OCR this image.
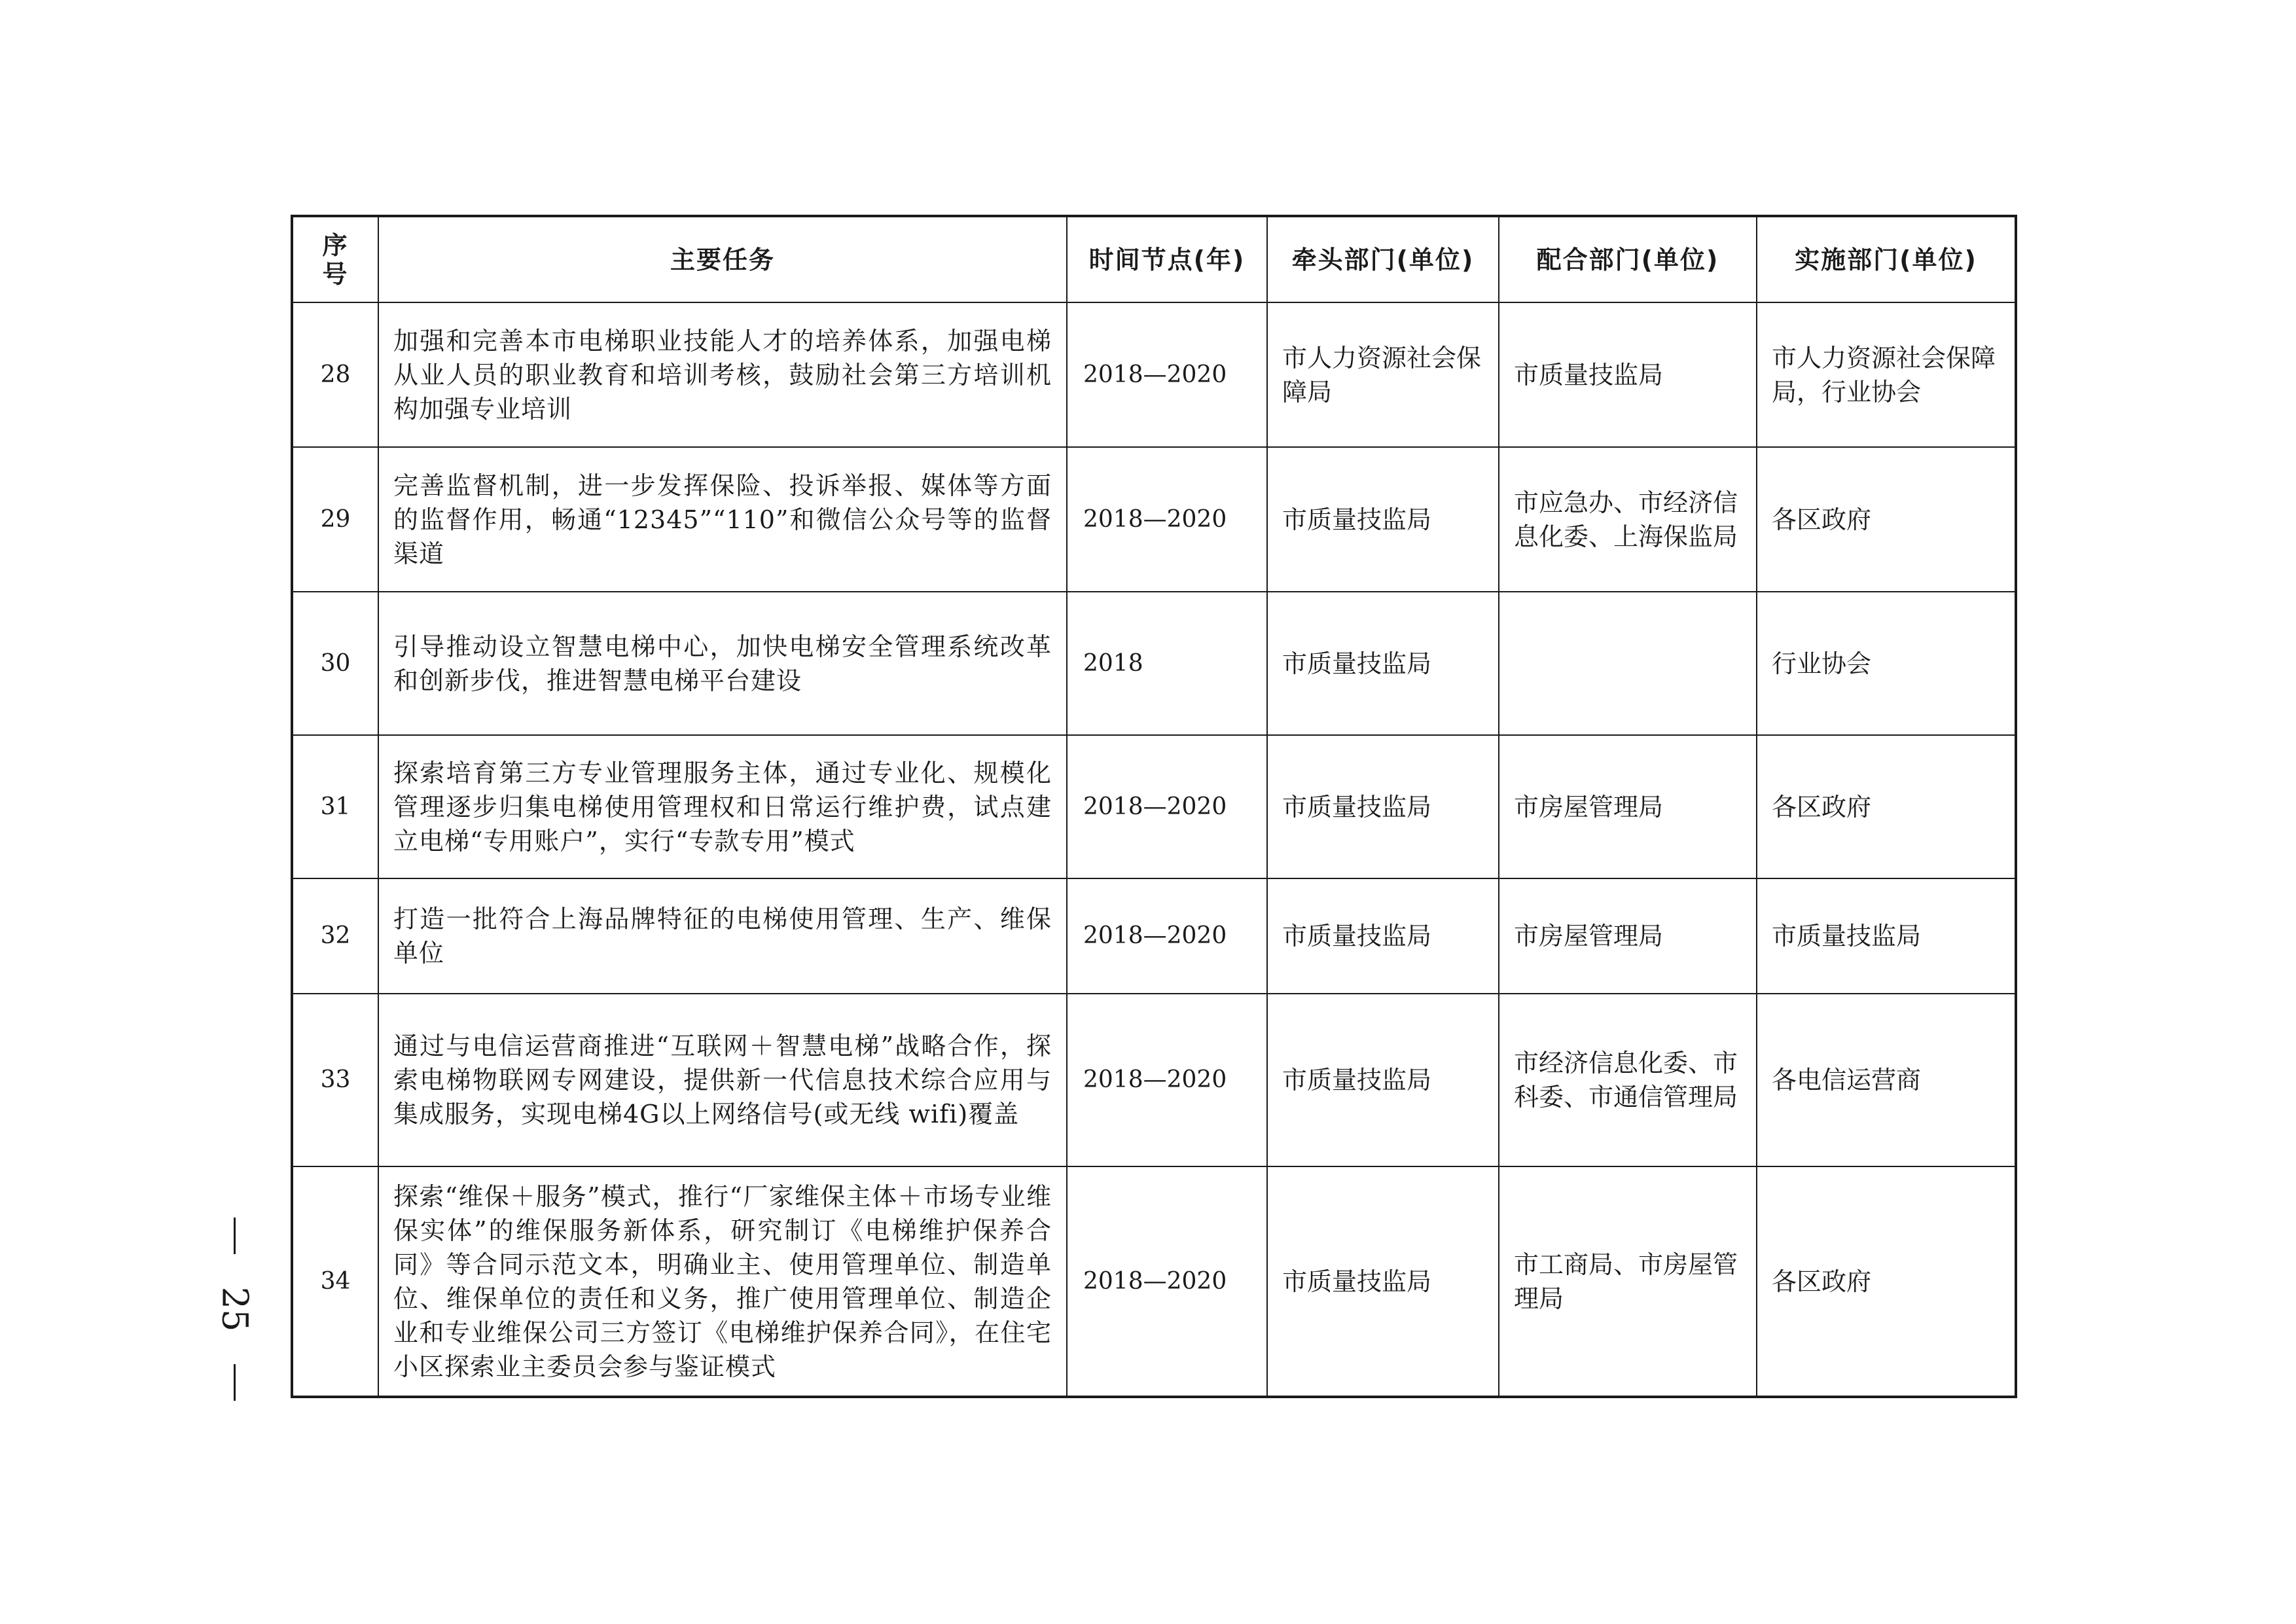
序号	主要任务	时间节点(年)	牵头部门(单位)	配合部门(单位)	实施部门(单位)
28	加强和完善本市电梯职业技能人才的培养体系，加强电梯从业人员的职业教育和培训考核，鼓励社会第三方培训机构加强专业培训	2018—2020	市人力资源社会保障局	市质量技监局	市人力资源社会保障局，行业协会
29	完善监督机制，进一步发挥保险、投诉举报、媒体等方面的监督作用，畅通“12345”“110”和微信公众号等的监督渠道	2018—2020	市质量技监局	市应急办、市经济信息化委、上海保监局	各区政府
30	引导推动设立智慧电梯中心，加快电梯安全管理系统改革和创新步伐，推进智慧电梯平台建设	2018	市质量技监局		行业协会
31	探索培育第三方专业管理服务主体，通过专业化、规模化管理逐步归集电梯使用管理权和日常运行维护费，试点建立电梯“专用账户”，实行“专款专用”模式	2018—2020	市质量技监局	市房屋管理局	各区政府
32	打造一批符合上海品牌特征的电梯使用管理、生产、维保单位	2018—2020	市质量技监局	市房屋管理局	市质量技监局
33	通过与电信运营商推进“互联网＋智慧电梯”战略合作，探索电梯物联网专网建设，提供新一代信息技术综合应用与集成服务，实现电梯4G以上网络信号(或无线 wifi)覆盖	2018—2020	市质量技监局	市经济信息化委、市科委、市通信管理局	各电信运营商
34	探索“维保＋服务”模式，推行“厂家维保主体＋市场专业维保实体”的维保服务新体系，研究制订《电梯维护保养合同》等合同示范文本，明确业主、使用管理单位、制造单位、维保单位的责任和义务，推广使用管理单位、制造企业和专业维保公司三方签订《电梯维护保养合同》，在住宅小区探索业主委员会参与鉴证模式	2018—2020	市质量技监局	市工商局、市房屋管理局	各区政府
25
